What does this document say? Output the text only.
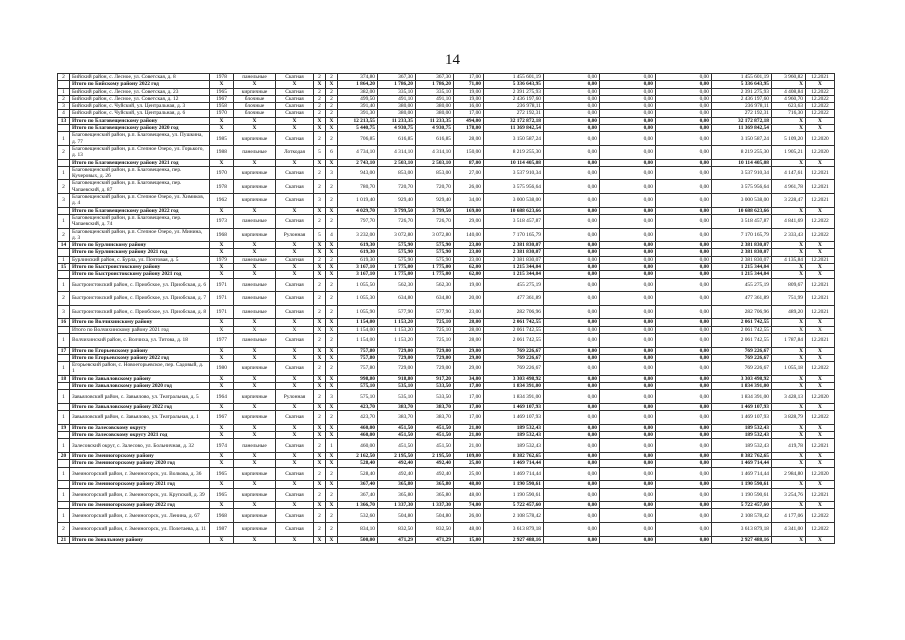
14
2	Бийский район, с. Лесное, ул. Советская, д. 8	1978	панельные	Скатная	2	2	374,80	367,30	367,30	17,00	1 455 601,19	0,00	0,00	0,00	1 455 601,19	3 960,82	12.2021
	Итого по Бийскому району 2022 год	X	X	X	X	X	1 864,20	1 786,20	1 786,20	71,00	5 336 643,95	0,00	0,00	0,00	5 336 643,95	X	X
1	Бийский район, с. Лесное, ул. Советская, д. 23	1965	кирпичные	Скатная	2	2	382,00	335,10	335,10	19,00	2 391 275,93	0,00	0,00	0,00	2 391 275,93	4 408,84	12.2022
2	Бийский район, с. Лесное, ул. Советская, д. 12	1967	блочные	Скатная	2	2	499,50	491,10	491,10	19,00	2 436 197,60	0,00	0,00	0,00	2 436 197,60	4 960,70	12.2022
3	Бийский район, с. Чуйский, ул. Центральная, д. 3	1958	блочные	Скатная	2	2	391,40	380,00	380,00	16,00	236 978,11	0,00	0,00	0,00	236 978,11	623,63	12.2022
4	Бийский район, с. Чуйский, ул. Центральная, д. 6	1970	блочные	Скатная	2	2	391,30	380,00	380,00	17,00	272 192,31	0,00	0,00	0,00	272 192,31	716,30	12.2022
13	Итого по Благовещенскому району	X	X	X	X	X	12 213,55	11 233,35	11 233,35	494,00	32 172 872,18	0,00	0,00	0,00	32 172 872,18	X	X
	Итого по Благовещенскому району 2020 год	X	X	X	X	X	5 440,75	4 930,75	4 930,75	178,00	11 369 842,54	0,00	0,00	0,00	11 369 842,54	X	X
1	Благовещенский район, р.п. Благовещенка, ул. Пушкина, д. 77	1985	кирпичные	Скатная	2	2	706,85	616,85	616,85	28,00	3 150 587,24	0,00	0,00	0,00	3 150 587,24	5 109,20	12.2020
2	Благовещенский район, р.п. Степное Озеро, ул. Горького, д. 13	1988	панельные	Лоткодая	5	6	4 734,10	4 314,10	4 314,10	150,00	8 219 255,30	0,00	0,00	0,00	8 219 255,30	1 905,21	12.2020
	Итого по Благовещенскому району 2021 год	X	X	X	X	X	2 743,10	2 503,10	2 503,10	87,00	10 114 405,08	0,00	0,00	0,00	10 114 405,08	X	X
1	Благовещенский район, р.п. Благовещенка, пер. Кучеровых, д. 26	1970	кирпичные	Скатная	2	3	943,00	853,00	853,00	27,00	3 537 910,34	0,00	0,00	0,00	3 537 910,34	4 147,61	12.2021
2	Благовещенский район, р.п. Благовещенка, пер. Чапаевский, д. 87	1978	кирпичные	Скатная	2	2	780,70	720,70	720,70	26,00	3 575 956,64	0,00	0,00	0,00	3 575 956,64	4 961,78	12.2021
3	Благовещенский район, р.п. Степное Озеро, ул. Химиков, д. 4	1962	кирпичные	Скатная	3	2	1 019,40	929,40	929,40	34,00	3 000 538,00	0,00	0,00	0,00	3 000 538,00	3 228,47	12.2021
	Итого по Благовещенскому району 2022 год	X	X	X	X	X	4 029,70	3 799,50	3 799,50	169,00	10 688 623,66	0,00	0,00	0,00	10 688 623,66	X	X
1	Благовещенский район, р.п. Благовещенка, пер. Чапаевский, д. 74	1973	панельные	Скатная	2	2	797,70	726,70	726,70	29,00	3 518 457,87	0,00	0,00	0,00	3 518 457,87	4 841,69	12.2022
2	Благовещенский район, р.п. Степное Озеро, ул. Минина, д. 3	1968	кирпичные	Рулонная	5	4	3 232,00	3 072,80	3 072,80	140,00	7 170 165,79	0,00	0,00	0,00	7 170 165,79	2 333,43	12.2022
14	Итого по Бурлинскому району	X	X	X	X	X	619,30	575,90	575,90	23,00	2 381 830,07	0,00	0,00	0,00	2 381 830,07	X	X
	Итого по Бурлинскому району 2021 год	X	X	X	X	X	619,30	575,90	575,90	23,00	2 381 830,07	0,00	0,00	0,00	2 381 830,07	X	X
1	Бурлинский район, с. Бурла, ул. Почтовая, д. 5	1979	панельные	Скатная	2	2	619,30	575,90	575,90	23,00	2 381 830,07	0,00	0,00	0,00	2 381 830,07	4 135,84	12.2021
15	Итого по Быстроистокскому району	X	X	X	X	X	3 167,10	1 775,00	1 775,00	62,00	1 215 344,04	0,00	0,00	0,00	1 215 344,04	X	X
	Итого по Быстроистокскому району 2021 год	X	X	X	X	X	3 167,10	1 775,00	1 775,00	62,00	1 215 344,04	0,00	0,00	0,00	1 215 344,04	X	X
1	Быстроистокский район, с. Приобское, ул. Приобская, д. 6	1971	панельные	Скатная	2	2	1 055,50	562,30	562,30	19,00	455 275,19	0,00	0,00	0,00	455 275,19	809,67	12.2021
2	Быстроистокский район, с. Приобское, ул. Приобская, д. 7	1971	панельные	Скатная	2	2	1 055,30	634,80	634,80	20,00	477 361,89	0,00	0,00	0,00	477 361,89	751,99	12.2021
3	Быстроистокский район, с. Приобское, ул. Приобская, д. 8	1971	панельные	Скатная	2	2	1 055,90	577,90	577,90	23,00	282 706,96	0,00	0,00	0,00	282 706,96	489,20	12.2021
16	Итого по Волчихинскому району	X	X	X	X	X	1 154,00	1 153,20	725,10	28,00	2 061 742,55	0,00	0,00	0,00	2 061 742,55	X	X
	Итого по Волчихинскому району 2021 год	X	X	X	X	X	1 154,00	1 153,20	725,10	28,00	2 061 742,55	0,00	0,00	0,00	2 061 742,55	X	X
1	Волчихинский район, с. Волчиха, ул. Титова, д. 18	1977	панельные	Скатная	2	2	1 154,00	1 153,20	725,10	28,00	2 061 742,55	0,00	0,00	0,00	2 061 742,55	1 787,84	12.2021
17	Итого по Егорьевскому району	X	X	X	X	X	757,80	729,00	729,00	29,00	769 226,67	0,00	0,00	0,00	769 226,67	X	X
	Итого по Егорьевскому району 2022 год	X	X	X	X	X	757,80	729,00	729,00	29,00	769 226,67	0,00	0,00	0,00	769 226,67	X	X
1	Егорьевский район, с. Новоегорьевское, пер. Садовый, д. 1	1980	кирпичные	Скатная	2	2	757,80	729,00	729,00	29,00	769 226,67	0,00	0,00	0,00	769 226,67	1 055,18	12.2022
18	Итого по Завьяловскому району	X	X	X	X	X	998,80	918,80	917,20	34,00	3 303 498,92	0,00	0,00	0,00	3 303 498,92	X	X
	Итого по Завьяловскому району 2020 год	X	X	X	X	X	575,10	535,10	533,50	17,00	1 834 391,00	0,00	0,00	0,00	1 834 391,00	X	X
1	Завьяловский район, с. Завьялово, ул. Театральная, д. 5	1964	кирпичные	Рулонная	2	3	575,10	535,10	533,50	17,00	1 834 391,00	0,00	0,00	0,00	1 834 391,00	3 428,13	12.2020
	Итого по Завьяловскому району 2022 год	X	X	X	X	X	423,70	383,70	383,70	17,00	1 469 107,93	0,00	0,00	0,00	1 469 107,93	X	X
1	Завьяловский район, с. Завьялово, ул. Театральная, д. 1	1967	кирпичные	Скатная	2	2	423,70	383,70	383,70	17,00	1 469 107,93	0,00	0,00	0,00	1 469 107,93	3 828,79	12.2022
19	Итого по Залесовскому округу	X	X	X	X	X	460,00	451,50	451,50	21,00	189 532,43	0,00	0,00	0,00	189 532,43	X	X
	Итого по Залесовскому округу 2021 год	X	X	X	X	X	460,00	451,50	451,50	21,00	189 532,43	0,00	0,00	0,00	189 532,43	X	X
1	Залесовский округ, с. Залесово, ул. Больничная, д. 32	1974	панельные	Скатная	2	1	460,00	451,50	451,50	21,00	189 532,43	0,00	0,00	0,00	189 532,43	419,78	12.2021
20	Итого по Змеиногорскому району	X	X	X	X	X	2 162,50	2 195,50	2 195,50	109,00	8 382 762,65	0,00	0,00	0,00	8 382 762,65	X	X
	Итого по Змеиногорскому району 2020 год	X	X	X	X	X	528,40	492,40	492,40	25,00	1 469 714,44	0,00	0,00	0,00	1 469 714,44	X	X
1	Змеиногорский район, г. Змеиногорск, ул. Волкова, д. 36	1965	кирпичные	Скатная	2	2	528,40	492,40	492,40	25,00	1 469 714,44	0,00	0,00	0,00	1 469 714,44	2 984,80	12.2020
	Итого по Змеиногорскому району 2021 год	X	X	X	X	X	367,40	365,80	365,80	48,00	1 190 590,61	0,00	0,00	0,00	1 190 590,61	X	X
1	Змеиногорский район, г. Змеиногорск, ул. Крупской, д. 39	1965	кирпичные	Скатная	2	2	367,40	365,80	365,80	48,00	1 190 590,61	0,00	0,00	0,00	1 190 590,61	3 254,76	12.2021
	Итого по Змеиногорскому району 2022 год	X	X	X	X	X	1 366,70	1 337,30	1 337,30	74,00	5 722 457,60	0,00	0,00	0,00	5 722 457,60	X	X
1	Змеиногорский район, г. Змеиногорск, ул. Ленина, д. 67	1968	кирпичные	Скатная	2	2	532,60	504,80	504,80	26,00	2 108 578,42	0,00	0,00	0,00	2 108 578,42	4 177,06	12.2022
2	Змеиногорский район, г. Змеиногорск, ул. Полетаева, д. 11	1987	кирпичные	Скатная	2	2	834,10	832,50	832,50	48,00	3 613 879,18	0,00	0,00	0,00	3 613 879,18	4 341,00	12.2022
21	Итого по Зональному району	X	X	X	X	X	500,00	471,29	471,29	15,00	2 927 488,16	0,00	0,00	0,00	2 927 488,16	X	X
